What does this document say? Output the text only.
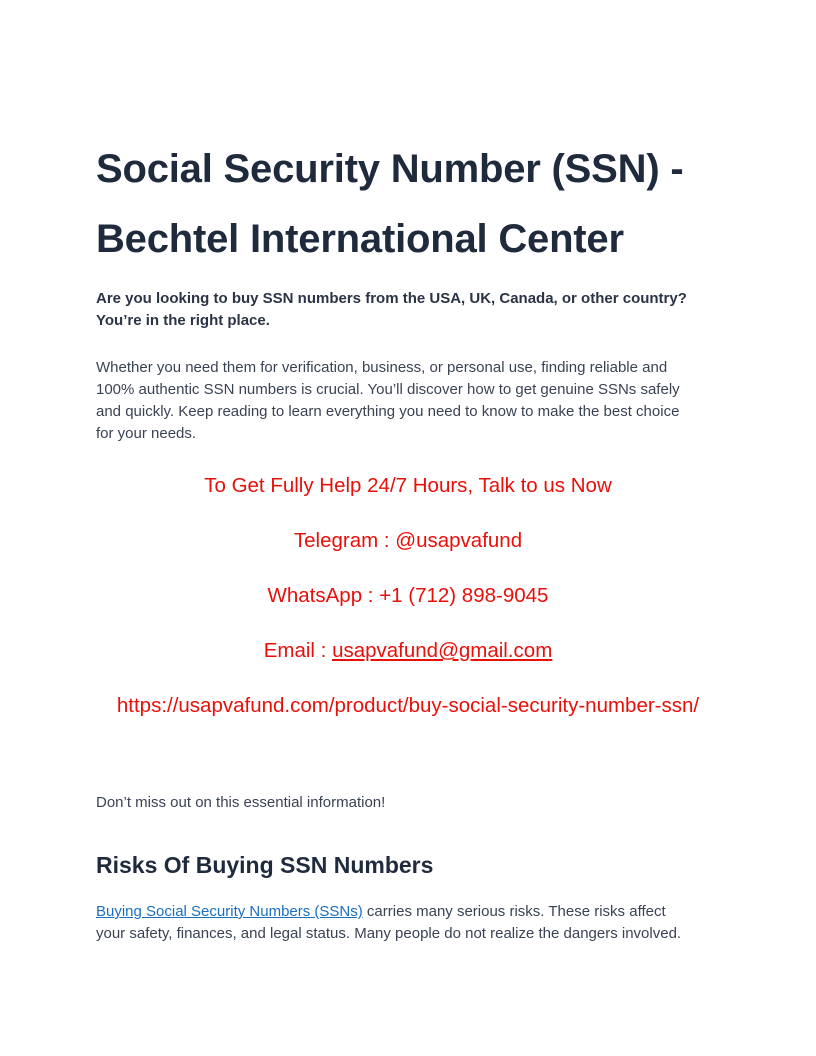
Social Security Number (SSN) -
Bechtel International Center

Are you looking to buy SSN numbers from the USA, UK, Canada, or other country?
You’re in the right place.

Whether you need them for verification, business, or personal use, finding reliable and
100% authentic SSN numbers is crucial. You’ll discover how to get genuine SSNs safely
and quickly. Keep reading to learn everything you need to know to make the best choice
for your needs.

To Get Fully Help 24/7 Hours, Talk to us Now

Telegram : @usapvafund

WhatsApp : +1 (712) 898-9045

Email : usapvafund@gmail.com

https://usapvafund.com/product/buy-social-security-number-ssn/

Don’t miss out on this essential information!

Risks Of Buying SSN Numbers

Buying Social Security Numbers (SSNs) carries many serious risks. These risks affect
your safety, finances, and legal status. Many people do not realize the dangers involved.
